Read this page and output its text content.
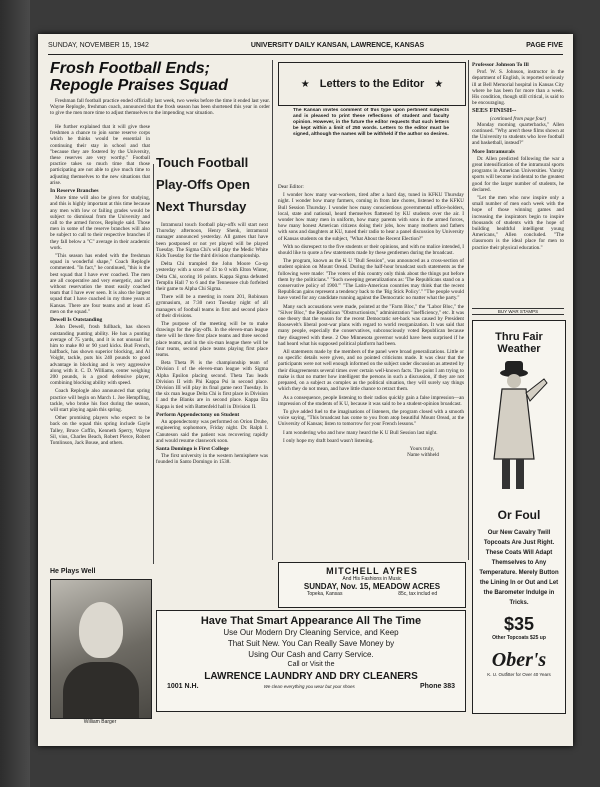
SUNDAY, NOVEMBER 15, 1942	UNIVERSITY DAILY KANSAN, LAWRENCE, KANSAS	PAGE FIVE
Frosh Football Ends; Repogle Praises Squad

Freshman fall football practice ended officially last week, two weeks before the time it ended last year. Wayne Replogle, freshman coach, announced that the frosh season has been shortened this year in order to give the men more time to adjust themselves to the impending war situation.

He further explained that it will give these freshmen a chance to join some reserve corps which he thinks would be essential in continuing their stay in school and that "because they are fostered by the University, these reserves are very worthy." Football practice takes so much time that those participating are not able to give much time to adjusting themselves to the new situations that arise.

In Reserve Branches

More time will also be given for studying, and this is highly important at this time because any men with low or failing grades would be subject to dismissal from the University and call to the armed forces, Replogle said. Those men in some of the reserve branches will also be subject to call to their respective branches if they fall below a "C" average in their academic work.

"This season has ended with the freshman squad in wonderful shape," Coach Replogle commented. "In fact," he continued, "this is the best squad that I have ever coached. The men are all cooperative and very energetic, and are without reservation the most easily coached team that I have ever seen. It is also the largest squad that I have coached in my three years at Kansas. There are four teams and at least 45 men on the squad."

Dewell Is Outstanding

John Dewell, frosh fullback, has shown outstanding punting ability. He has a punting average of 75 yards, and it is not unusual for him to make 80 or 90 yard kicks. Bud French, halfback, has shown superior blocking, and Al Voight, tackle, puts his 240 pounds to good advantage in blocking and is very aggressive along with it. C. D. Williams, center weighing 200 pounds, is a good defensive player, combining blocking ability with speed.

Coach Replogle also announced that spring practice will begin on March 1. Joe Hempfling, tackle, who broke his foot during the season, will start playing again this spring.

Other promising players who expect to be back on the squad this spring include Gayle Talley, Bruce Coffin, Kenneth Sperry, Wayne Sil, vius, Charles Beach, Robert Pierce, Robert Tomlinson, Jack Bouse, and others.

He Plays Well
William Barger
Touch Football Play-Offs Open Next Thursday

Intramural touch football play-offs will start next Thursday afternoon, Henry Shenk, intramural manager announced yesterday. All games that have been postponed or not yet played will be played Tuesday. The Sigma Chi's will play the Medic White Kids Tuesday for the third division championship.

Delta Chi trampled the John Moore Co-op yesterday with a score of 33 to 0 with Elton Winter, Delta Chi, scoring 16 points. Kappa Sigma defeated Templin Hall 7 to 6 and the Tennessee club forfeited their game to Alpha Chi Sigma.

There will be a meeting in room 201, Robinson gymnasium, at 7:30 next Tuesday night of all managers of football teams in first and second place of their divisions.

The purpose of the meeting will be to make drawings for the play-offs. In the eleven-man league there will be three first place teams and three second place teams, and in the six-man league there will be four teams, second place teams playing first place teams.

Beta Theta Pi is the championship team of Division I of the eleven-man league with Sigma Alpha Epsilon placing second. Theta Tau leads Division II with Phi Kappa Psi in second place. Division III will play its final game next Tuesday. In the six man league Delta Chi is first place in Division I and the Blanks are in second place. Kappa Eta Kappa is tied with Battenfeld hall in Division II.

Perform Appendectomy on Student

An appendectomy was performed on Orion Drube, engineering sophomore, Friday night. Dr. Ralph I. Canuteson said the patient was recovering rapidly and would resume classwork soon.

Santa Domingo is First College

The first university in the western hemisphere was founded in Santo Domingo in 1538.

★ Letters to the Editor ★
The Kansan invites comment of this type upon pertinent subjects and is pleased to print these reflections of student and faculty opinion. However, in the future the editor requests that such letters be kept within a limit of 250 words. Letters to the editor must be signed, although the names will be withheld if the author so desires.
Dear Editor:

I wonder how many war-workers, tired after a hard day, tuned in KFKU Thursday night. I wonder how many farmers, coming in from late chores, listened to the KFKU Bull Session Thursday. I wonder how many conscientious governmental office-holders, local, state and national, heard themselves flattened by KU students over the air. I wonder how many men in uniform, how many parents with sons in the armed forces, how many honest American citizens doing their jobs, how many mothers and fathers with sons and daughters at KU, tuned their radio to hear a panel discussion by University of Kansas students on the subject, "What About the Recent Election?"

With no disrespect to the five students or their opinions, and with no malice intended, I should like to quote a few statements made by these gentlemen during the broadcast.

The program, known as the K U "Bull Session", was announced as a cross-section of student opinion on Mount Oread. During the half-hour broadcast such statements as the following were made: "The voters of this country only think about the things put before them by the politicians." "Such sweeping generalizations as: 'The Republicans stand on a conservative policy of 1900.'" "The Latin-American countries may think that the recent Republican gains represent a tendency back to the 'Big Stick Policy'." "The people would have voted for any candidate running against the Democratic no matter what the party."

Many such accusations were made, pointed at the "Farm Bloc," the "Labor Bloc," the "Silver Bloc," the Republican "Obstructionists," administration "inefficiency," etc. It was one theory that the reason for the recent Democratic set-back was caused by President Roosevelt's liberal post-war plans with regard to world reorganization. It was said that many people, especially the conservatives, subconsciously voted Republican because they disagreed with these. 2 One Minnesota governor would have been surprised if he had heard what his supposed political platform had been.

All statements made by the members of the panel were broad generalizations. Little or no specific details were given, and no pointed criticisms made. It was clear that the participants were not well enough informed on the subject under discussion as attested by their disagreements several times over certain well-known facts. The point I am trying to make is that no matter how intelligent the persons in such a discussion, if they are not prepared, on a subject as complex as the political situation, they will surely say things which they do not mean, and have little chance to retract them.

As a consequence, people listening to their radios quickly gain a false impression—an impression of the students of K U, because it was said to be a student-opinion broadcast.

To give added fuel to the imaginations of listeners, the program closed with a smooth voice saying, "This broadcast has come to you from atop beautiful Mount Oread, at the University of Kansas; listen to tomorrow for your French lessons."

I am wondering who and how many heard the K U Bull Session last night.

I only hope my draft board wasn't listening.

Yours truly,
Name withheld
Professor Johnson To Ill

Prof. W. S. Johnson, instructor in the department of English, is reported seriously ill at Bell Memorial hospital in Kansas City where he has been for more than a week. His condition, though still critical, is said to be encouraging.

SEES FINISH--
(continued from page four)

Monday morning quarterbacks," Allen continued. "Why aren't these films shown at the University to students who love football and basketball, instead?"

More Intramurals

Dr. Allen predicted following the war a great intensification of the intramural sports programs in American Universities. Varsity sports will become incidental to the greatest good for the larger number of students, he declared.

"Let the men who now inspire only a small number of men each week with the hope of those winning games and increasing the inspirators begin to inspire thousands of students with the hope of building healthful intelligent young Americans," Allen concluded. "The classroom is the ideal place for men to practice their physical education."

BUY WAR STAMPS
Thru Fair
Weather
Or Foul
Our New Cavalry Twill Topcoats Are Just Right. These Coats Will Adapt Themselves to Any Temperature. Merely Button the Lining In or Out and Let the Barometer Indulge in Tricks.
$35
Other Topcoats $25 up
Ober's
K. U. Outfitter for Over 40 Years
MITCHELL AYRES
And His Fashions in Music
SUNDAY, Nov. 15, MEADOW ACRES
Topeka, Kansas	85c, tax includ ed
Have That Smart Appearance All The Time
Use Our Modern Dry Cleaning Service, and Keep
That Suit New. You Can Really Save Money by
Using Our Cash and Carry Service.
Call or Visit the
LAWRENCE LAUNDRY AND DRY CLEANERS
1001 N.H.	We clean everything you wear but your shoes	Phone 383
